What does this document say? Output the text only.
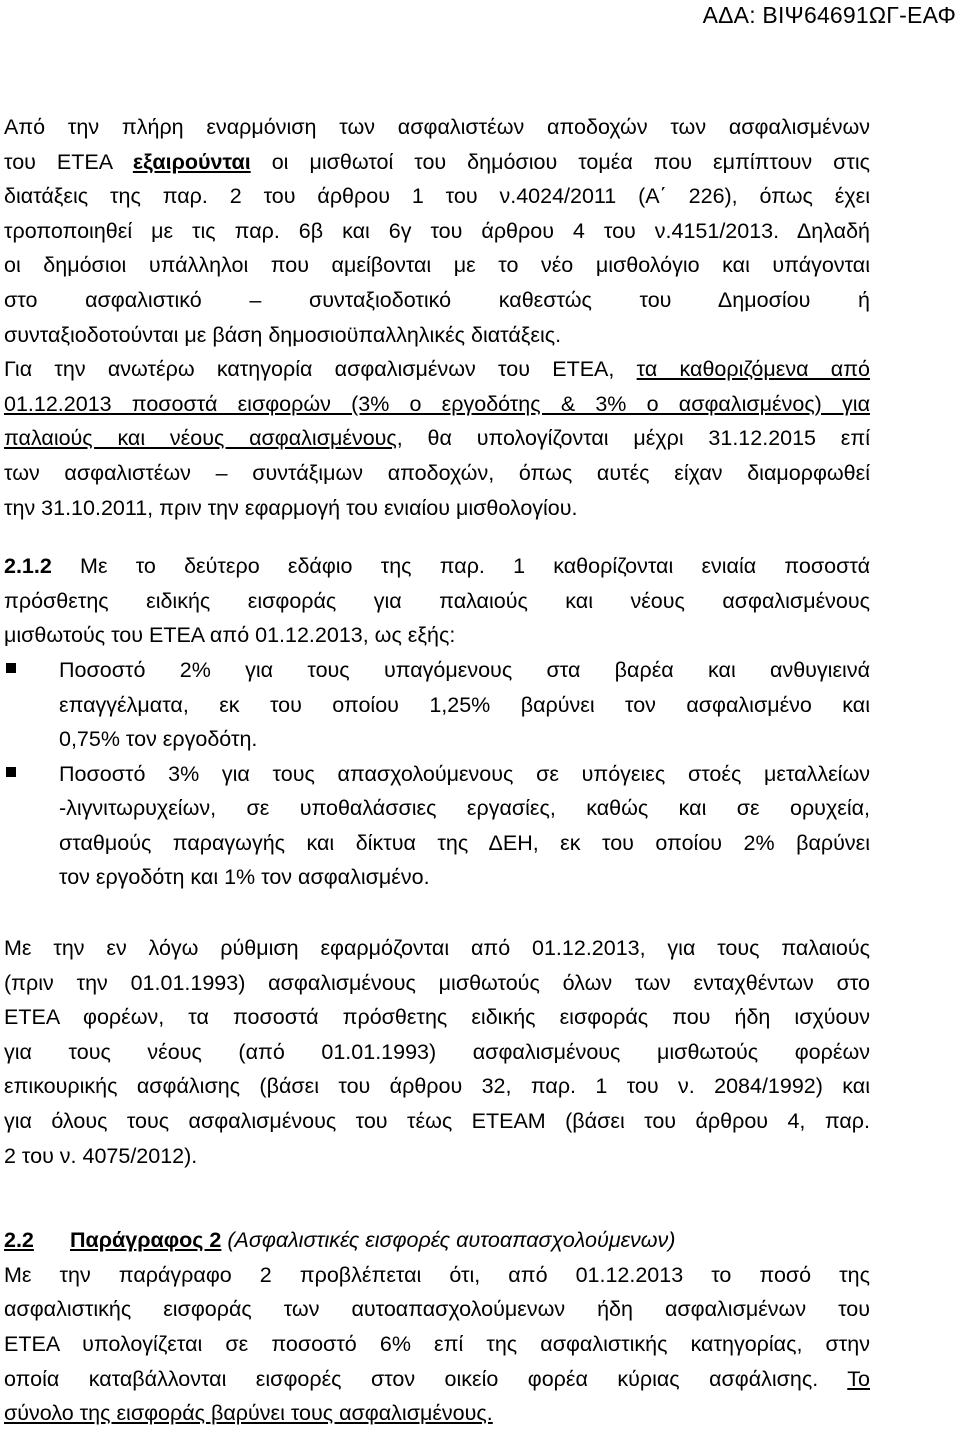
ΑΔΑ: ΒΙΨ64691ΩΓ-ΕΑΦ
Από την πλήρη εναρμόνιση των ασφαλιστέων αποδοχών των ασφαλισμένων
του ΕΤΕΑ εξαιρούνται οι μισθωτοί του δημόσιου τομέα που εμπίπτουν στις
διατάξεις της παρ. 2 του άρθρου 1 του ν.4024/2011 (Α΄ 226), όπως έχει
τροποποιηθεί με τις παρ. 6β και 6γ του άρθρου 4 του ν.4151/2013. Δηλαδή
οι δημόσιοι υπάλληλοι που αμείβονται με το νέο μισθολόγιο και υπάγονται
στο ασφαλιστικό – συνταξιοδοτικό καθεστώς του Δημοσίου ή
συνταξιοδοτούνται με βάση δημοσιοϋπαλληλικές διατάξεις.
Για την ανωτέρω κατηγορία ασφαλισμένων του ΕΤΕΑ, τα καθοριζόμενα από
01.12.2013 ποσοστά εισφορών (3% ο εργοδότης & 3% ο ασφαλισμένος) για
παλαιούς και νέους ασφαλισμένους, θα υπολογίζονται μέχρι 31.12.2015 επί
των ασφαλιστέων – συντάξιμων αποδοχών, όπως αυτές είχαν διαμορφωθεί
την 31.10.2011, πριν την εφαρμογή του ενιαίου μισθολογίου.
2.1.2 Με το δεύτερο εδάφιο της παρ. 1 καθορίζονται ενιαία ποσοστά
πρόσθετης ειδικής εισφοράς για παλαιούς και νέους ασφαλισμένους
μισθωτούς του ΕΤΕΑ από 01.12.2013, ως εξής:
Ποσοστό 2% για τους υπαγόμενους στα βαρέα και ανθυγιεινά
επαγγέλματα, εκ του οποίου 1,25% βαρύνει τον ασφαλισμένο και
0,75% τον εργοδότη.
Ποσοστό 3% για τους απασχολούμενους σε υπόγειες στοές μεταλλείων
-λιγνιτωρυχείων, σε υποθαλάσσιες εργασίες, καθώς και σε ορυχεία,
σταθμούς παραγωγής και δίκτυα της ΔΕΗ, εκ του οποίου 2% βαρύνει
τον εργοδότη και 1% τον ασφαλισμένο.
Με την εν λόγω ρύθμιση εφαρμόζονται από 01.12.2013, για τους παλαιούς
(πριν την 01.01.1993) ασφαλισμένους μισθωτούς όλων των ενταχθέντων στο
ΕΤΕΑ φορέων, τα ποσοστά πρόσθετης ειδικής εισφοράς που ήδη ισχύουν
για τους νέους (από 01.01.1993) ασφαλισμένους μισθωτούς φορέων
επικουρικής ασφάλισης (βάσει του άρθρου 32, παρ. 1 του ν. 2084/1992) και
για όλους τους ασφαλισμένους του τέως ΕΤΕΑΜ (βάσει του άρθρου 4, παρ.
2 του ν. 4075/2012).
2.2 Παράγραφος 2 (Ασφαλιστικές εισφορές αυτοαπασχολούμενων)
Με την παράγραφο 2 προβλέπεται ότι, από 01.12.2013 το ποσό της
ασφαλιστικής εισφοράς των αυτοαπασχολούμενων ήδη ασφαλισμένων του
ΕΤΕΑ υπολογίζεται σε ποσοστό 6% επί της ασφαλιστικής κατηγορίας, στην
οποία καταβάλλονται εισφορές στον οικείο φορέα κύριας ασφάλισης. Το
σύνολο της εισφοράς βαρύνει τους ασφαλισμένους.
